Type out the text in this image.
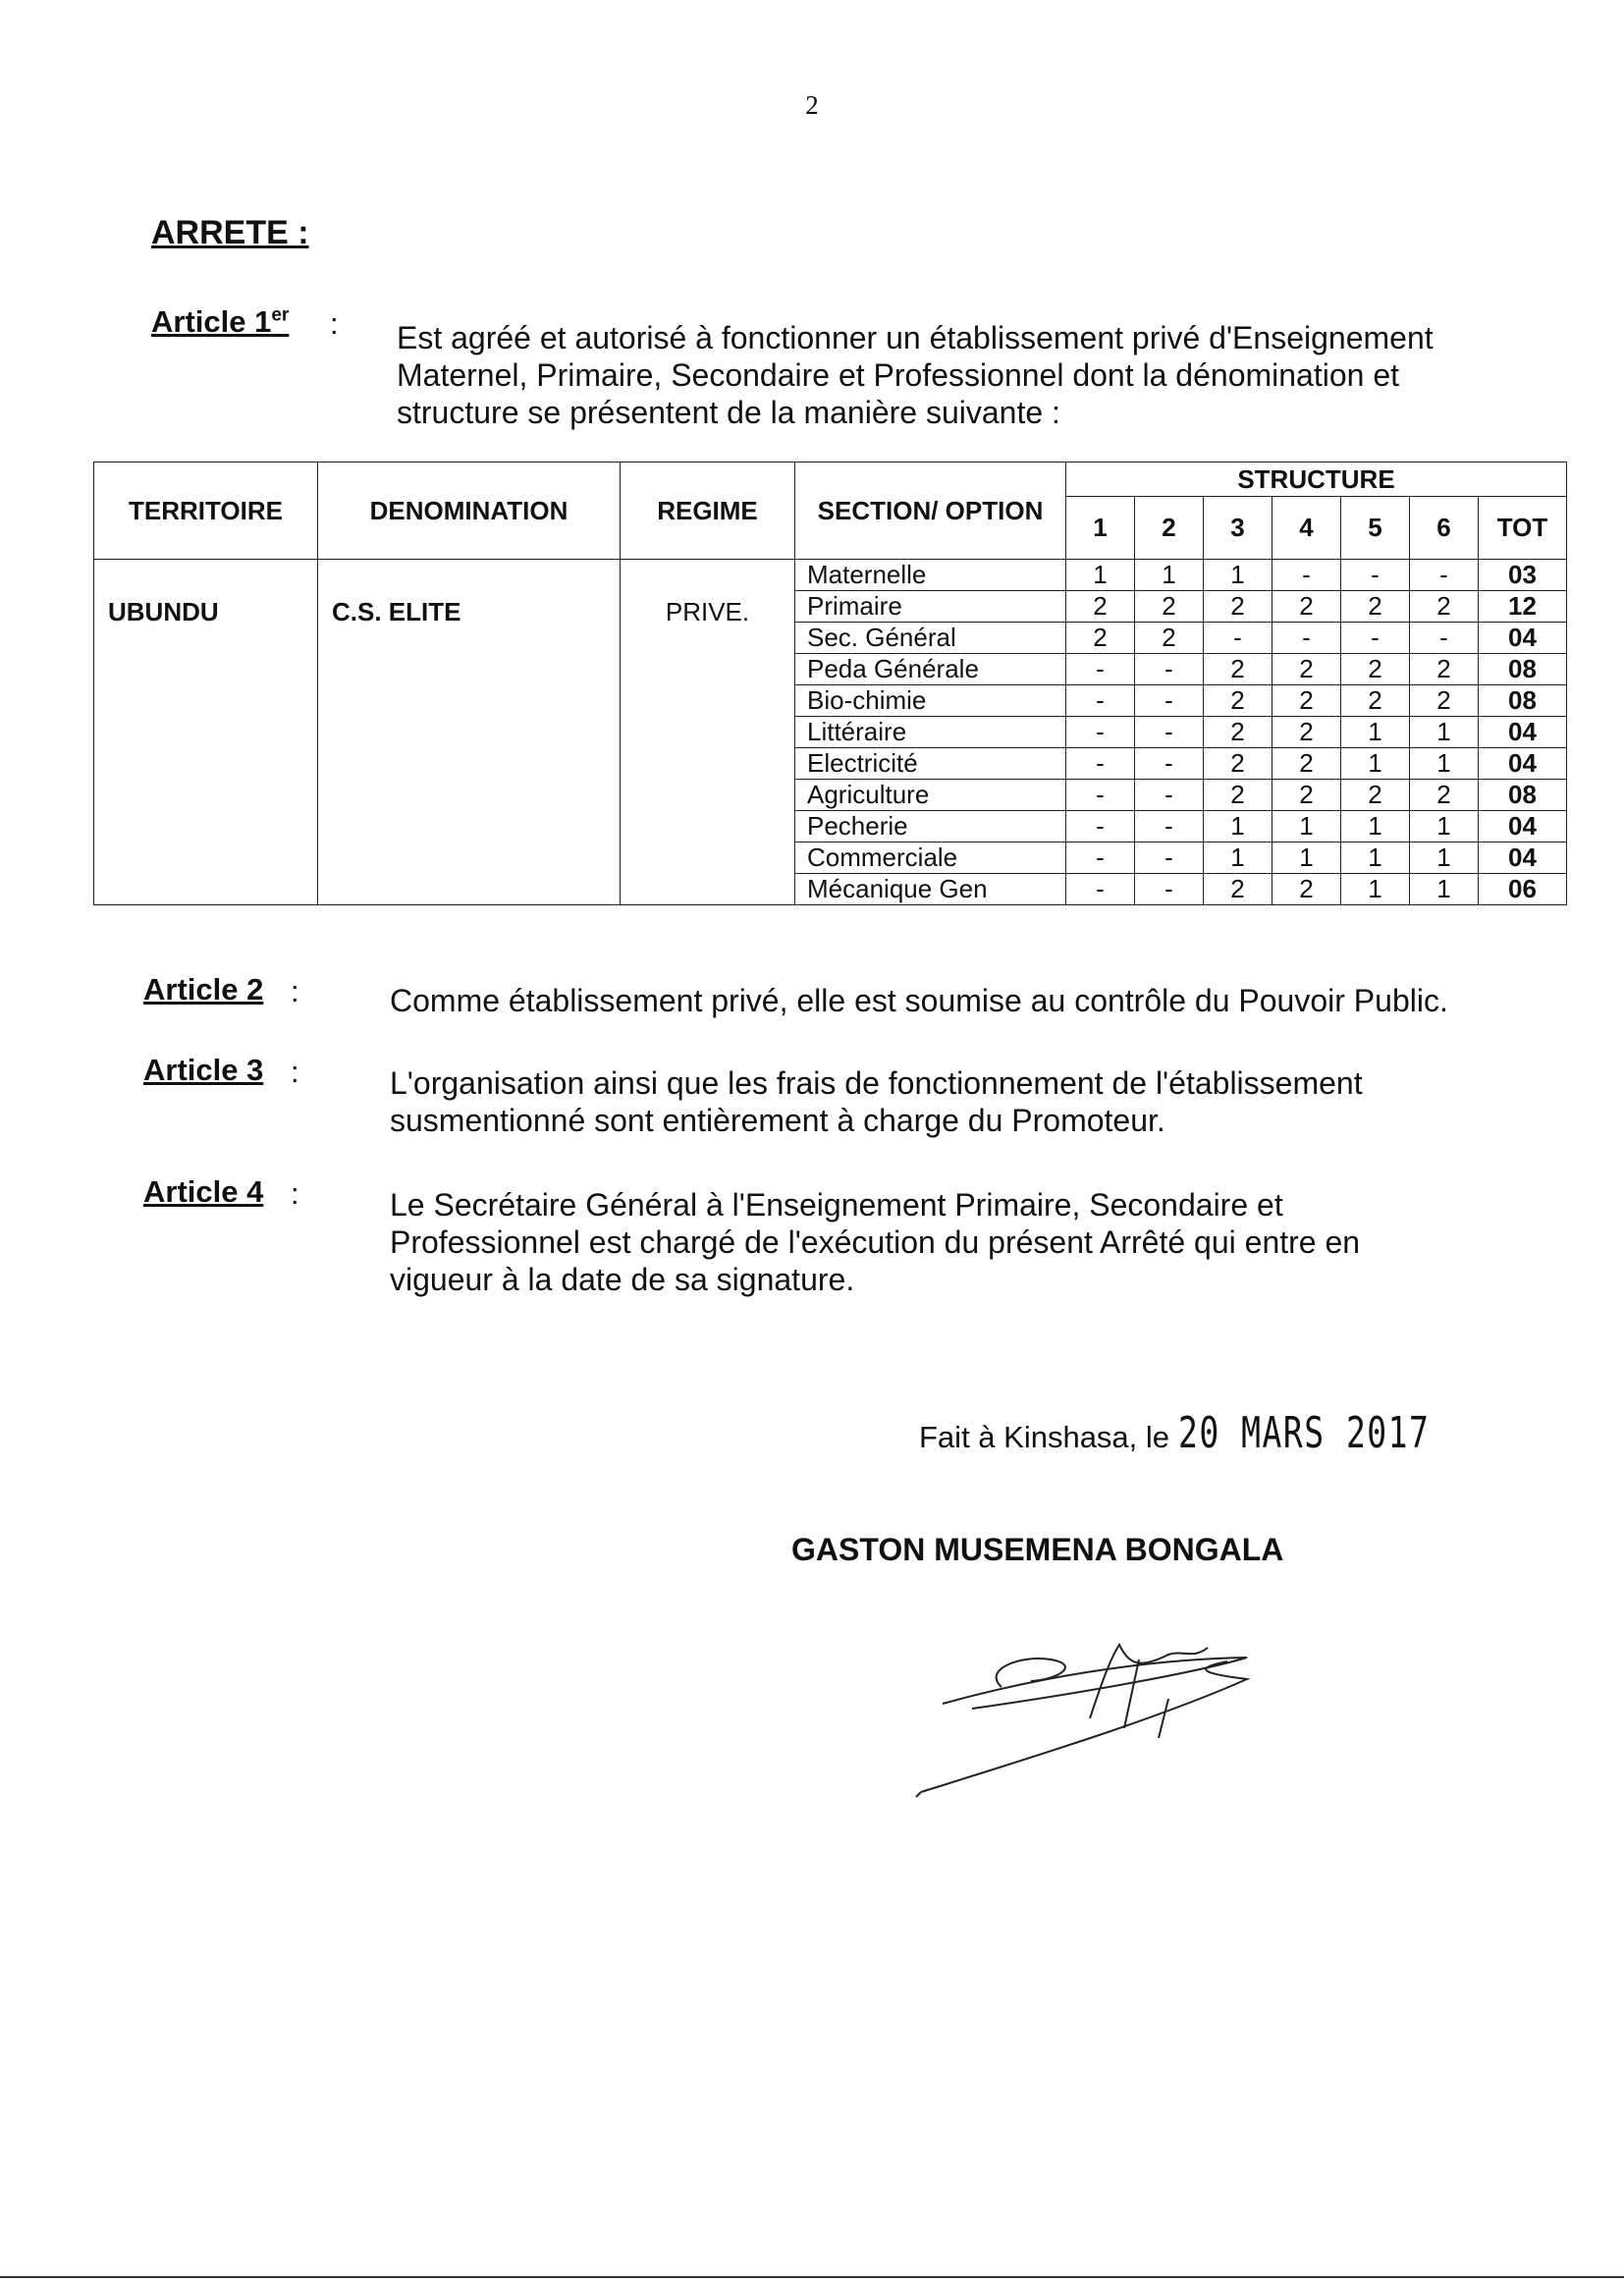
2
ARRETE :
Article 1er : Est agréé et autorisé à fonctionner un établissement privé d'Enseignement
Maternel, Primaire, Secondaire et Professionnel dont la dénomination et
structure se présentent de la manière suivante :
TERRITOIRE	DENOMINATION	REGIME	SECTION/ OPTION	STRUCTURE						
				1	2	3	4	5	6	TOT
UBUNDU	C.S. ELITE	PRIVE.	Maternelle	1	1	1	-	-	-	03
			Primaire	2	2	2	2	2	2	12
			Sec. Général	2	2	-	-	-	-	04
			Peda Générale	-	-	2	2	2	2	08
			Bio-chimie	-	-	2	2	2	2	08
			Littéraire	-	-	2	2	1	1	04
			Electricité	-	-	2	2	1	1	04
			Agriculture	-	-	2	2	2	2	08
			Pecherie	-	-	1	1	1	1	04
			Commerciale	-	-	1	1	1	1	04
			Mécanique Gen	-	-	2	2	1	1	06
Article 2 :	Comme établissement privé, elle est soumise au contrôle du Pouvoir Public.
Article 3 :	L'organisation ainsi que les frais de fonctionnement de l'établissement
susmentionné sont entièrement à charge du Promoteur.
Article 4 :	Le Secrétaire Général à l'Enseignement Primaire, Secondaire et
Professionnel est chargé de l'exécution du présent Arrêté qui entre en
vigueur à la date de sa signature.
Fait à Kinshasa, le 20 MARS 2017
GASTON MUSEMENA BONGALA
